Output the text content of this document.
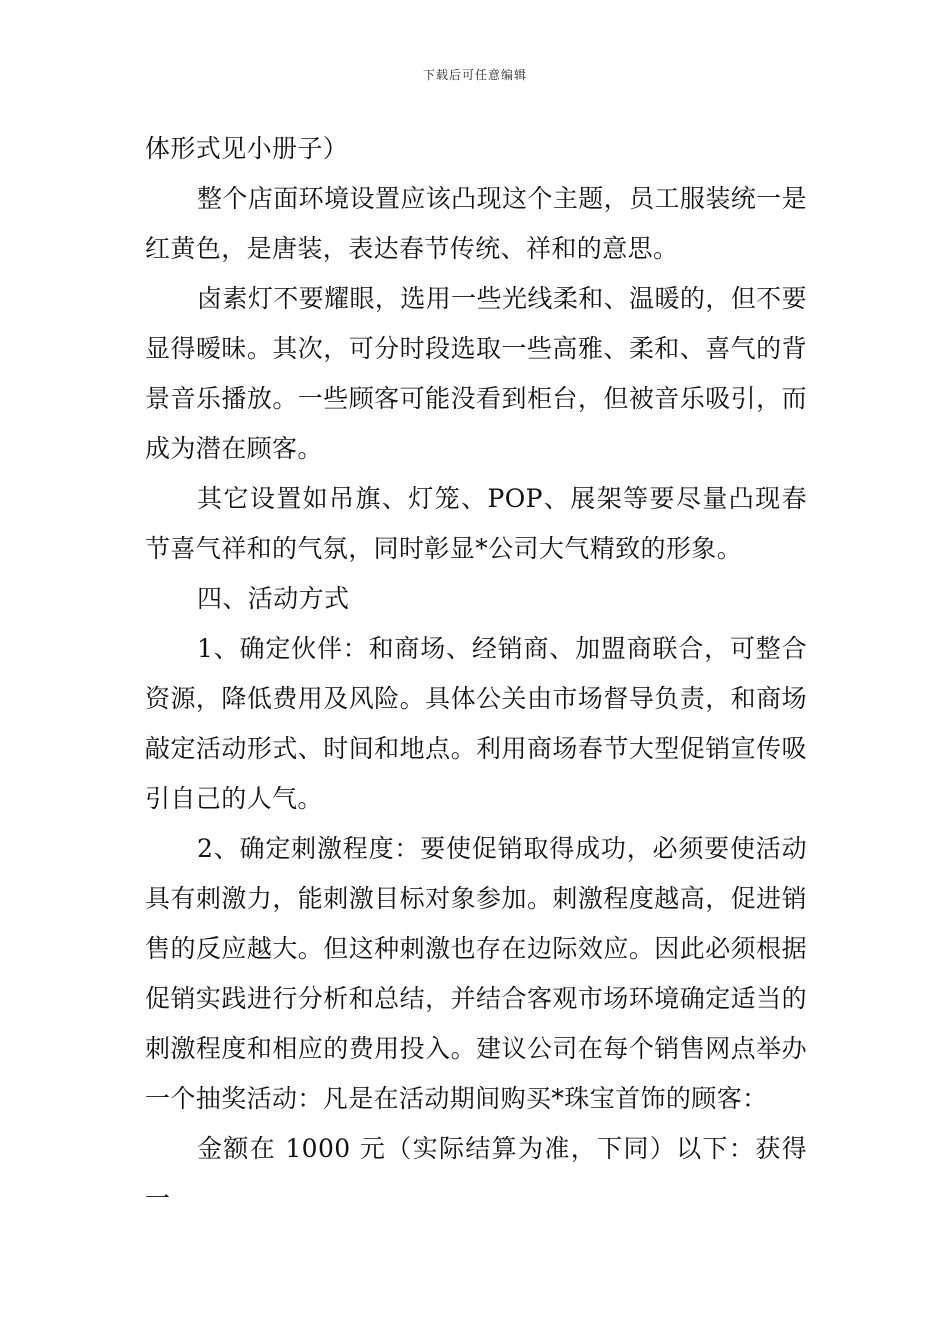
下载后可任意编辑

体形式见小册子）

整个店面环境设置应该凸现这个主题，员工服装统一是红黄色，是唐装，表达春节传统、祥和的意思。

卤素灯不要耀眼，选用一些光线柔和、温暖的，但不要显得暧昧。其次，可分时段选取一些高雅、柔和、喜气的背景音乐播放。一些顾客可能没看到柜台，但被音乐吸引，而成为潜在顾客。

其它设置如吊旗、灯笼、POP、展架等要尽量凸现春节喜气祥和的气氛，同时彰显*公司大气精致的形象。

四、活动方式

1、确定伙伴：和商场、经销商、加盟商联合，可整合资源，降低费用及风险。具体公关由市场督导负责，和商场敲定活动形式、时间和地点。利用商场春节大型促销宣传吸引自己的人气。

2、确定刺激程度：要使促销取得成功，必须要使活动具有刺激力，能刺激目标对象参加。刺激程度越高，促进销售的反应越大。但这种刺激也存在边际效应。因此必须根据促销实践进行分析和总结，并结合客观市场环境确定适当的刺激程度和相应的费用投入。建议公司在每个销售网点举办一个抽奖活动：凡是在活动期间购买*珠宝首饰的顾客：

金额在 1000 元（实际结算为准，下同）以下：获得一
